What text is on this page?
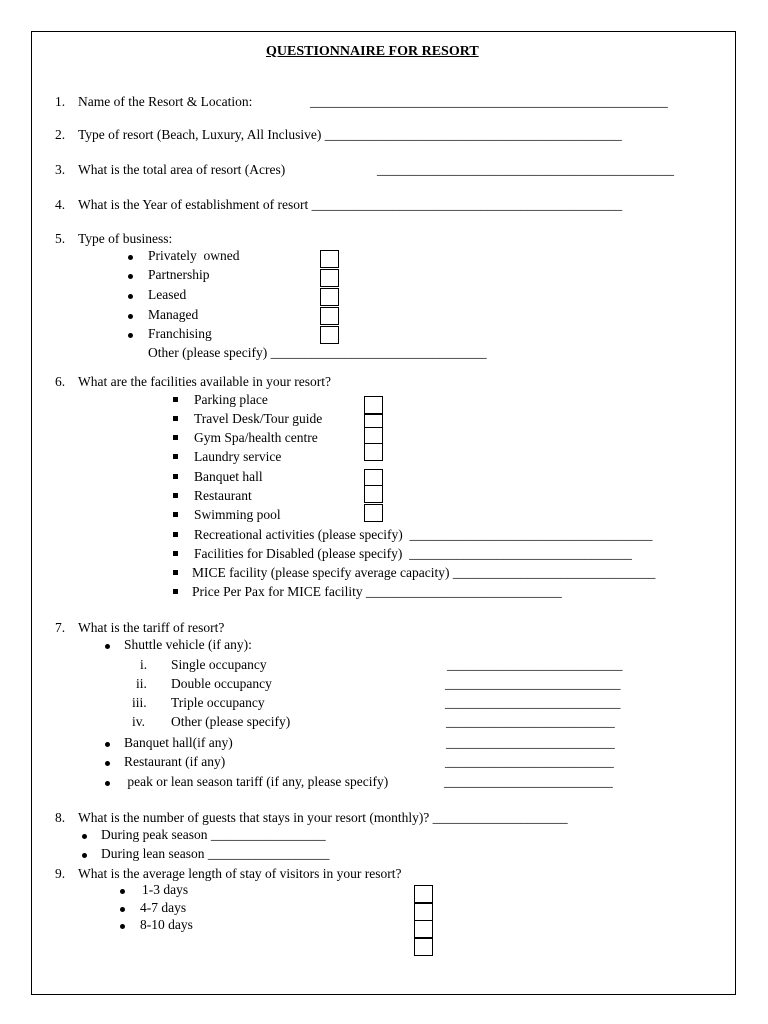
QUESTIONNAIRE FOR RESORT
1. Name of the Resort & Location:	_____________________________________________________
2. Type of resort (Beach, Luxury, All Inclusive) ____________________________________________
3. What is the total area of resort (Acres)	____________________________________________
4. What is the Year of establishment of resort ______________________________________________
5. Type of business:
Privately  owned
Partnership
Leased
Managed
Franchising
Other (please specify) ________________________________
6. What are the facilities available in your resort?
Parking place
Travel Desk/Tour guide
Gym Spa/health centre
Laundry service
Banquet hall
Restaurant
Swimming pool
Recreational activities (please specify)  ____________________________________
Facilities for Disabled (please specify)  _________________________________
MICE facility (please specify average capacity) ______________________________
Price Per Pax for MICE facility _____________________________
7. What is the tariff of resort?
Shuttle vehicle (if any):
i. Single occupancy	__________________________
ii. Double occupancy	__________________________
iii. Triple occupancy	__________________________
iv. Other (please specify)	_________________________
Banquet hall(if any)	_________________________
Restaurant (if any)	_________________________
peak or lean season tariff (if any, please specify)	_________________________
8. What is the number of guests that stays in your resort (monthly)? ____________________
During peak season _________________
During lean season __________________
9. What is the average length of stay of visitors in your resort?
1-3 days
4-7 days
8-10 days
